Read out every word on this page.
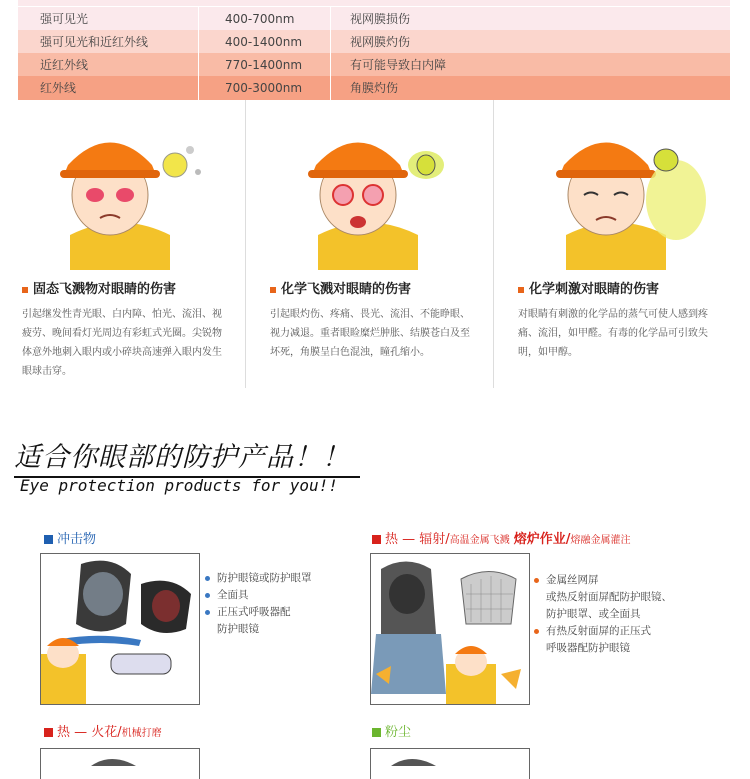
强可见光	400-700nm	视网膜损伤
强可见光和近红外线	400-1400nm	视网膜灼伤
近红外线	770-1400nm	有可能导致白内障
红外线	700-3000nm	角膜灼伤
固态飞溅物对眼睛的伤害
引起继发性青光眼、白内障、怕光、流泪、视疲劳、晚间看灯光周边有彩虹式光圈。尖锐物体意外地刺入眼内或小碎块高速弹入眼内发生眼球击穿。
化学飞溅对眼睛的伤害
引起眼灼伤、疼痛、畏光、流泪、不能睁眼、视力减退。重者眼睑糜烂肿胀、结膜苍白及至坏死，角膜呈白色混浊，瞳孔缩小。
化学刺激对眼睛的伤害
对眼睛有刺激的化学品的蒸气可使人感到疼痛、流泪，如甲醛。有毒的化学品可引致失明，如甲醇。
适合你眼部的防护产品！！
Eye protection products for you!!
冲击物
防护眼镜或防护眼罩
全面具
正压式呼吸器配
防护眼镜
热 — 辐射/高温金属飞溅 熔炉作业/熔融金属灌注
金属丝网屏
或热反射面屏配防护眼镜、
防护眼罩、或全面具
有热反射面屏的正压式
呼吸器配防护眼镜
热 — 火花/机械打磨	粉尘
